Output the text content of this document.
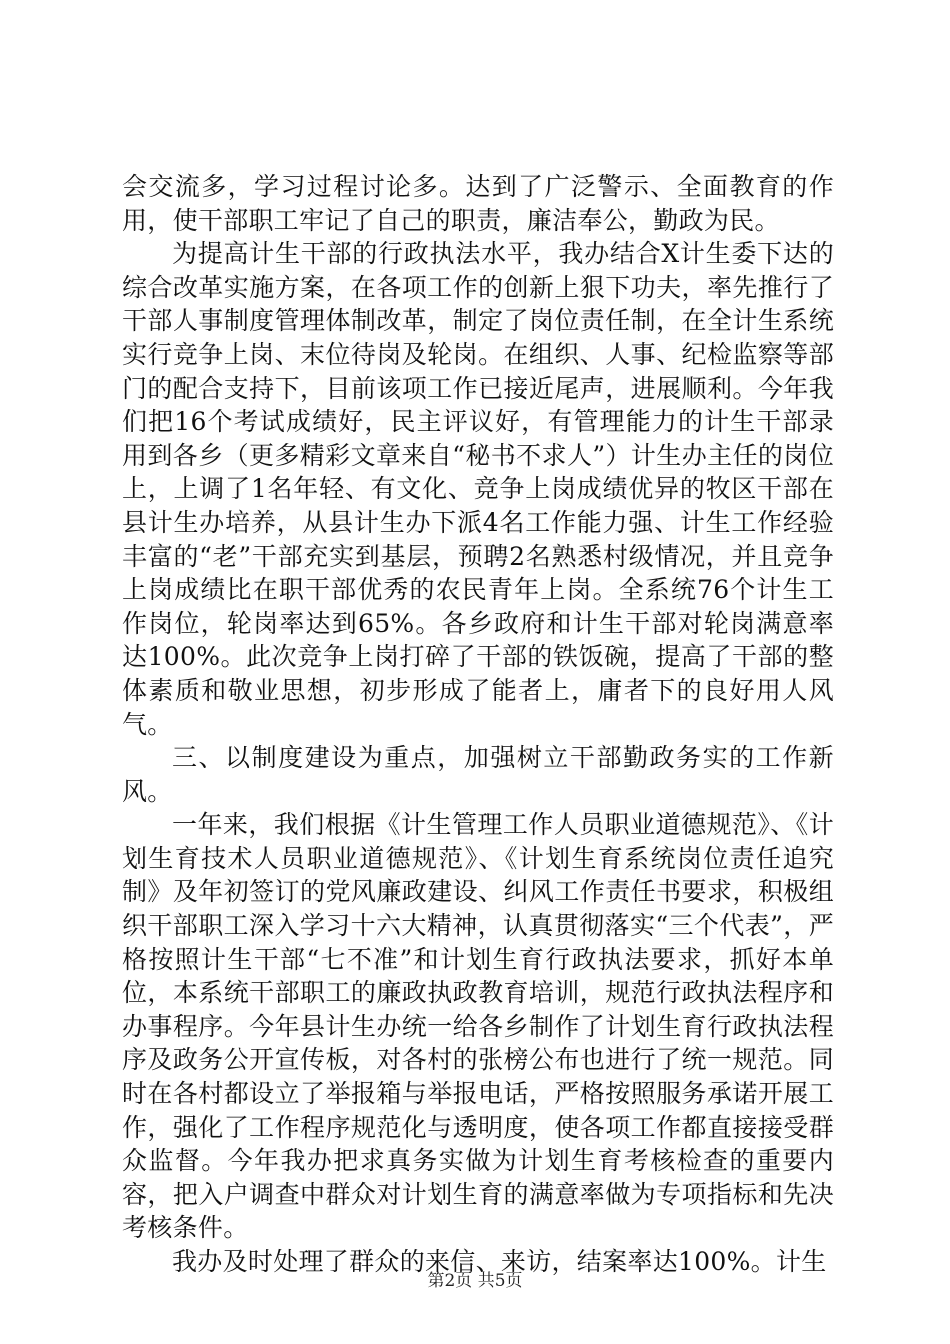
会交流多，学习过程讨论多。达到了广泛警示、全面教育的作用，使干部职工牢记了自己的职责，廉洁奉公，勤政为民。

为提高计生干部的行政执法水平，我办结合X计生委下达的综合改革实施方案，在各项工作的创新上狠下功夫，率先推行了干部人事制度管理体制改革，制定了岗位责任制，在全计生系统实行竞争上岗、末位待岗及轮岗。在组织、人事、纪检监察等部门的配合支持下，目前该项工作已接近尾声，进展顺利。今年我们把16个考试成绩好，民主评议好，有管理能力的计生干部录用到各乡（更多精彩文章来自“秘书不求人”）计生办主任的岗位上，上调了1名年轻、有文化、竞争上岗成绩优异的牧区干部在县计生办培养，从县计生办下派4名工作能力强、计生工作经验丰富的“老”干部充实到基层，预聘2名熟悉村级情况，并且竞争上岗成绩比在职干部优秀的农民青年上岗。全系统76个计生工作岗位，轮岗率达到65%。各乡政府和计生干部对轮岗满意率达100%。此次竞争上岗打碎了干部的铁饭碗，提高了干部的整体素质和敬业思想，初步形成了能者上，庸者下的良好用人风气。

三、以制度建设为重点，加强树立干部勤政务实的工作新风。

一年来，我们根据《计生管理工作人员职业道德规范》、《计划生育技术人员职业道德规范》、《计划生育系统岗位责任追究制》及年初签订的党风廉政建设、纠风工作责任书要求，积极组织干部职工深入学习十六大精神，认真贯彻落实“三个代表”，严格按照计生干部“七不准”和计划生育行政执法要求，抓好本单位，本系统干部职工的廉政执政教育培训，规范行政执法程序和办事程序。今年县计生办统一给各乡制作了计划生育行政执法程序及政务公开宣传板，对各村的张榜公布也进行了统一规范。同时在各村都设立了举报箱与举报电话，严格按照服务承诺开展工作，强化了工作程序规范化与透明度，使各项工作都直接接受群众监督。今年我办把求真务实做为计划生育考核检查的重要内容，把入户调查中群众对计划生育的满意率做为专项指标和先决考核条件。

我办及时处理了群众的来信、来访，结案率达100%。计生

第2页 共5页
